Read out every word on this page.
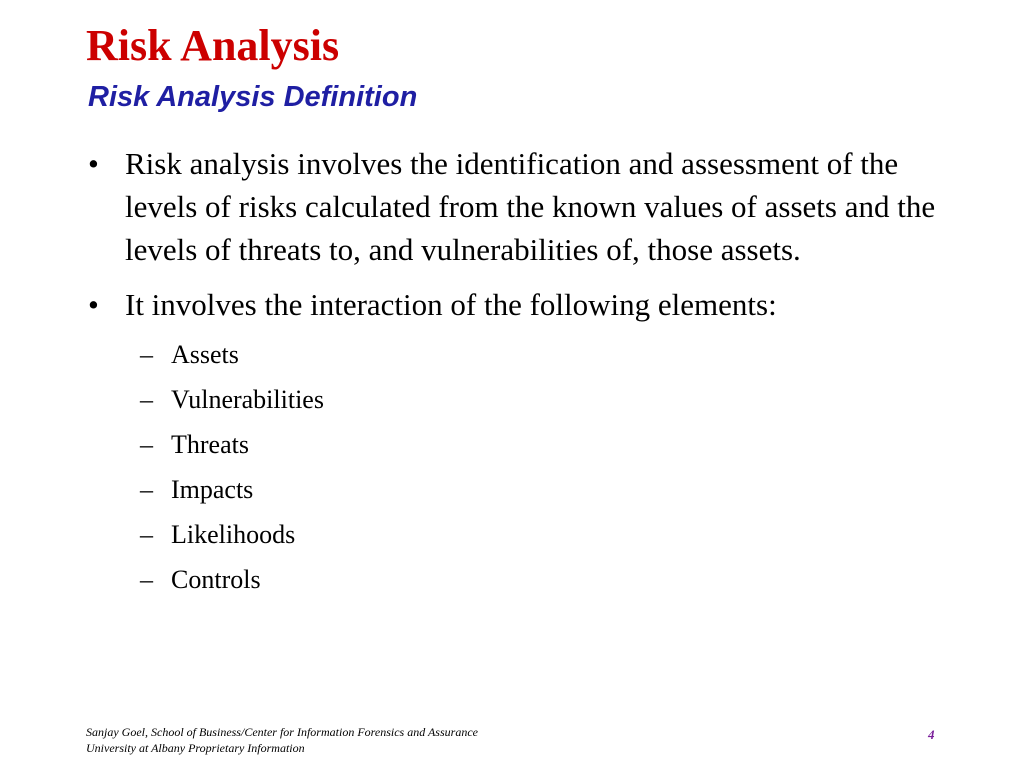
Risk Analysis
Risk Analysis Definition

• Risk analysis involves the identification and assessment of the levels of risks calculated from the known values of assets and the levels of threats to, and vulnerabilities of, those assets.

• It involves the interaction of the following elements:

– Assets

– Vulnerabilities

– Threats

– Impacts

– Likelihoods

– Controls

Sanjay Goel, School of Business/Center for Information Forensics and Assurance
University at Albany Proprietary Information
4
